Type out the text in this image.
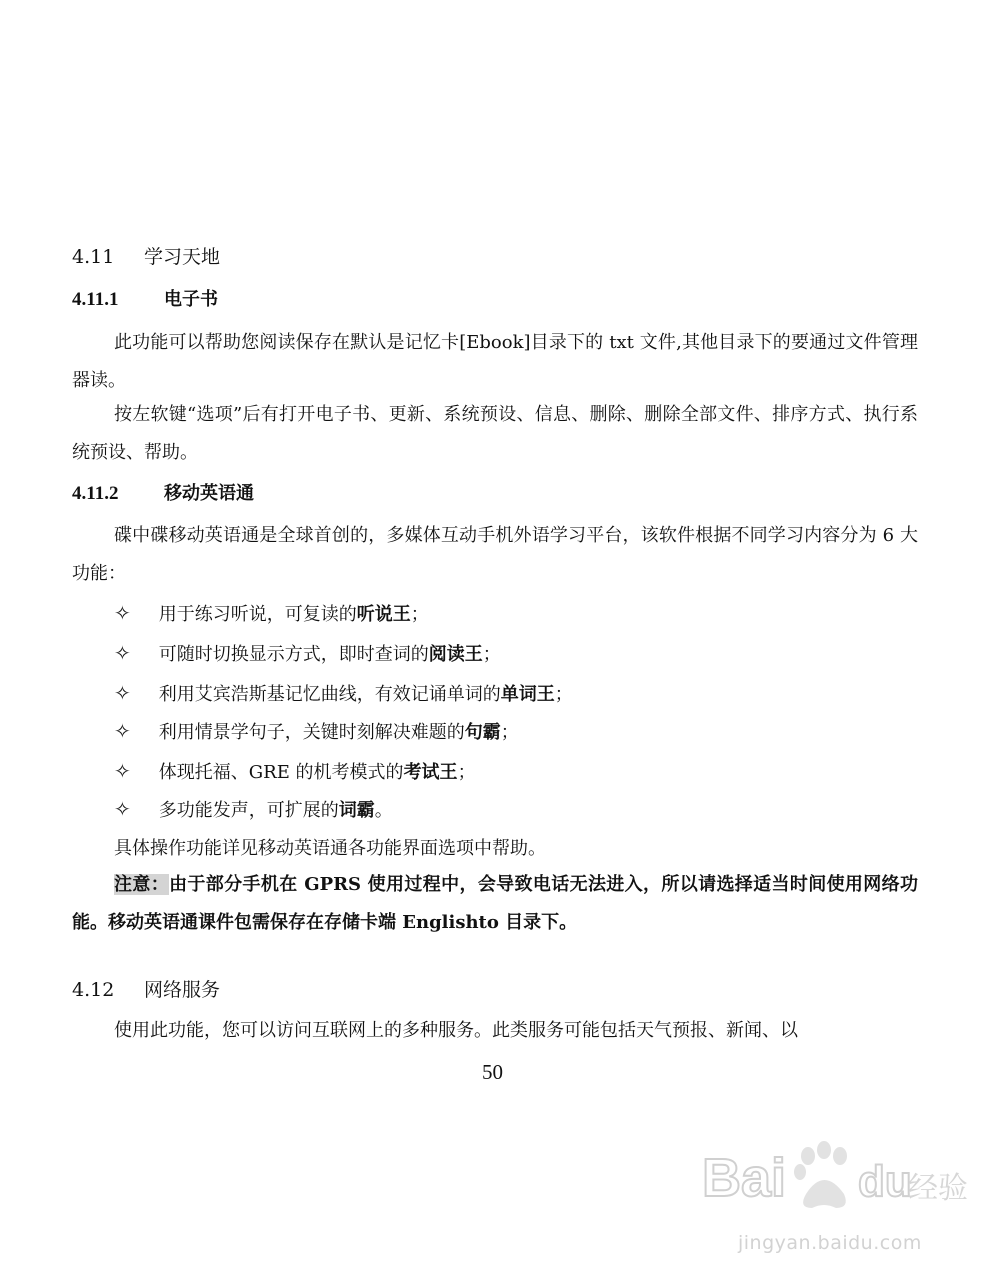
4.11 学习天地
4.11.1	电子书
此功能可以帮助您阅读保存在默认是记忆卡[Ebook]目录下的 txt 文件,其他目录下的要通过文件管理器读。
按左软键“选项”后有打开电子书、更新、系统预设、信息、删除、删除全部文件、排序方式、执行系统预设、帮助。
4.11.2	移动英语通
碟中碟移动英语通是全球首创的，多媒体互动手机外语学习平台，该软件根据不同学习内容分为 6 大功能：
✧ 用于练习听说，可复读的听说王；
✧ 可随时切换显示方式，即时查词的阅读王；
✧ 利用艾宾浩斯基记忆曲线，有效记诵单词的单词王；
✧ 利用情景学句子，关键时刻解决难题的句霸；
✧ 体现托福、GRE 的机考模式的考试王；
✧ 多功能发声，可扩展的词霸。
具体操作功能详见移动英语通各功能界面选项中帮助。
注意：由于部分手机在 GPRS 使用过程中，会导致电话无法进入，所以请选择适当时间使用网络功能。移动英语通课件包需保存在存储卡端 Englishto 目录下。
4.12 网络服务
使用此功能，您可以访问互联网上的多种服务。此类服务可能包括天气预报、新闻、以
50
Bai du
经验
jingyan.baidu.com
